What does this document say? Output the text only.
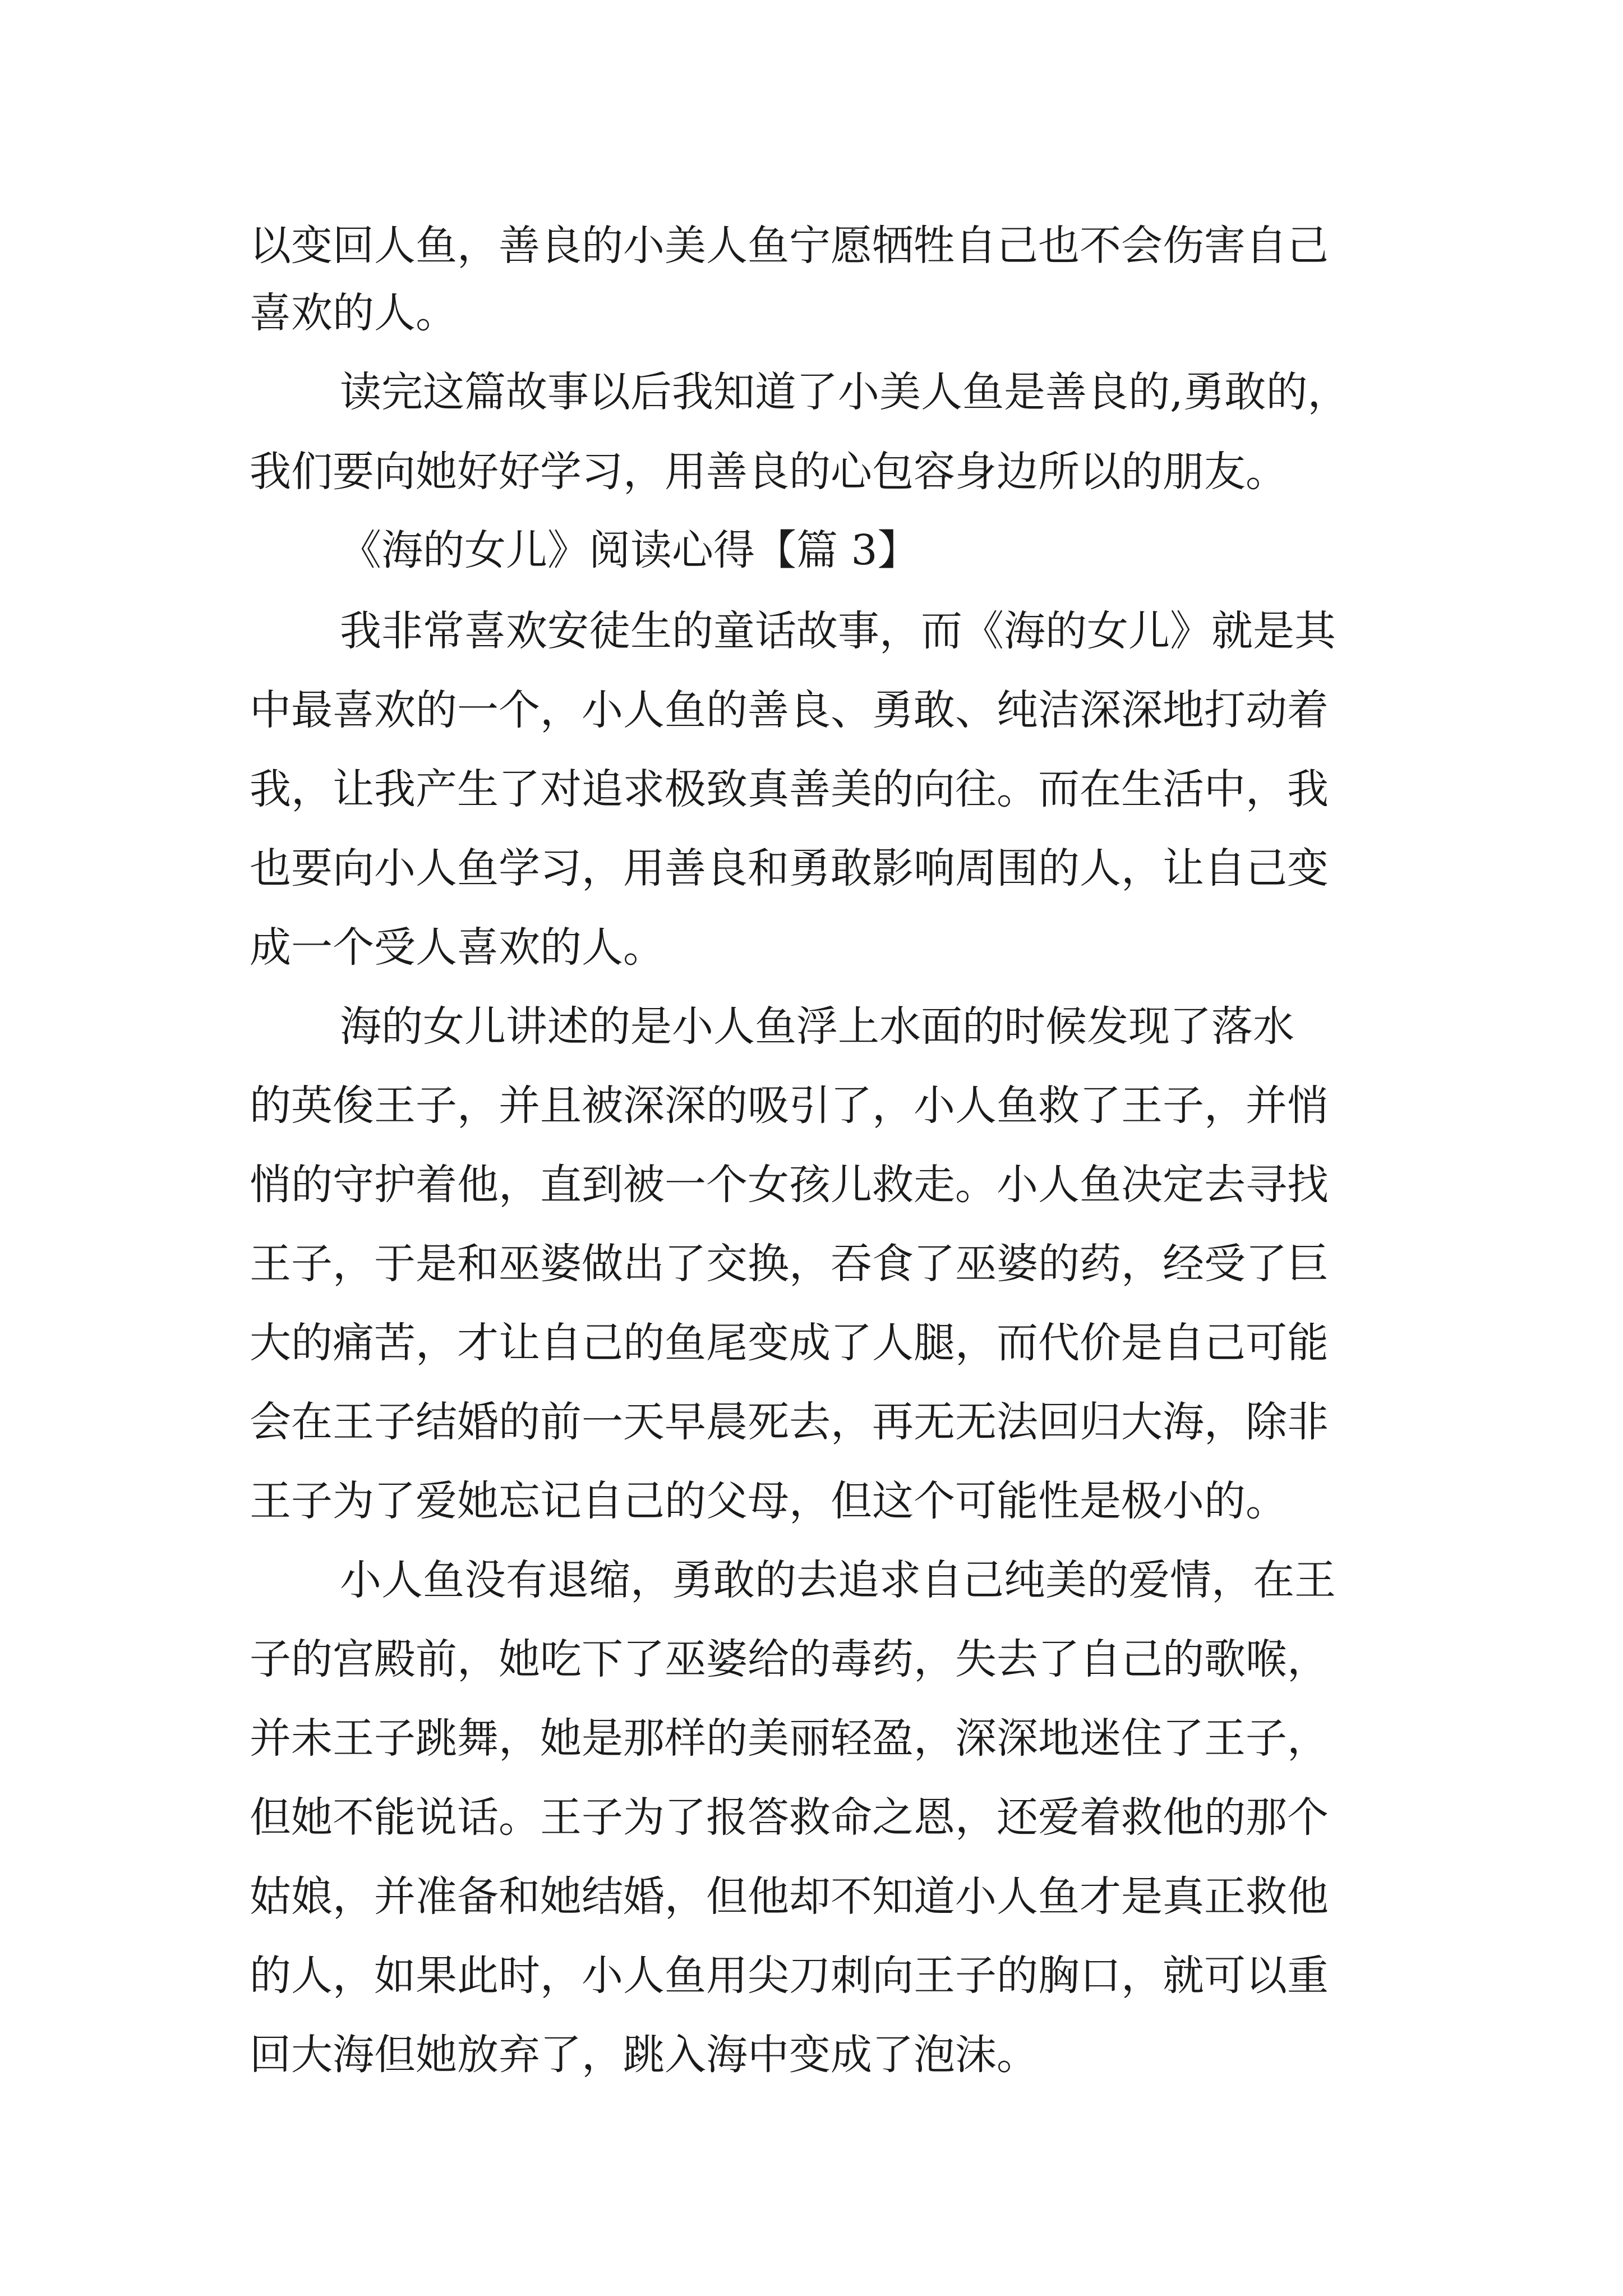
以变回人鱼，善良的小美人鱼宁愿牺牲自己也不会伤害自己
喜欢的人。
读完这篇故事以后我知道了小美人鱼是善良的,勇敢的，
我们要向她好好学习，用善良的心包容身边所以的朋友。
《海的女儿》阅读心得【篇 3】
我非常喜欢安徒生的童话故事，而《海的女儿》就是其
中最喜欢的一个，小人鱼的善良、勇敢、纯洁深深地打动着
我，让我产生了对追求极致真善美的向往。而在生活中，我
也要向小人鱼学习，用善良和勇敢影响周围的人，让自己变
成一个受人喜欢的人。
海的女儿讲述的是小人鱼浮上水面的时候发现了落水
的英俊王子，并且被深深的吸引了，小人鱼救了王子，并悄
悄的守护着他，直到被一个女孩儿救走。小人鱼决定去寻找
王子，于是和巫婆做出了交换，吞食了巫婆的药，经受了巨
大的痛苦，才让自己的鱼尾变成了人腿，而代价是自己可能
会在王子结婚的前一天早晨死去，再无无法回归大海，除非
王子为了爱她忘记自己的父母，但这个可能性是极小的。
小人鱼没有退缩，勇敢的去追求自己纯美的爱情，在王
子的宫殿前，她吃下了巫婆给的毒药，失去了自己的歌喉，
并未王子跳舞，她是那样的美丽轻盈，深深地迷住了王子，
但她不能说话。王子为了报答救命之恩，还爱着救他的那个
姑娘，并准备和她结婚，但他却不知道小人鱼才是真正救他
的人，如果此时，小人鱼用尖刀刺向王子的胸口，就可以重
回大海但她放弃了，跳入海中变成了泡沫。
